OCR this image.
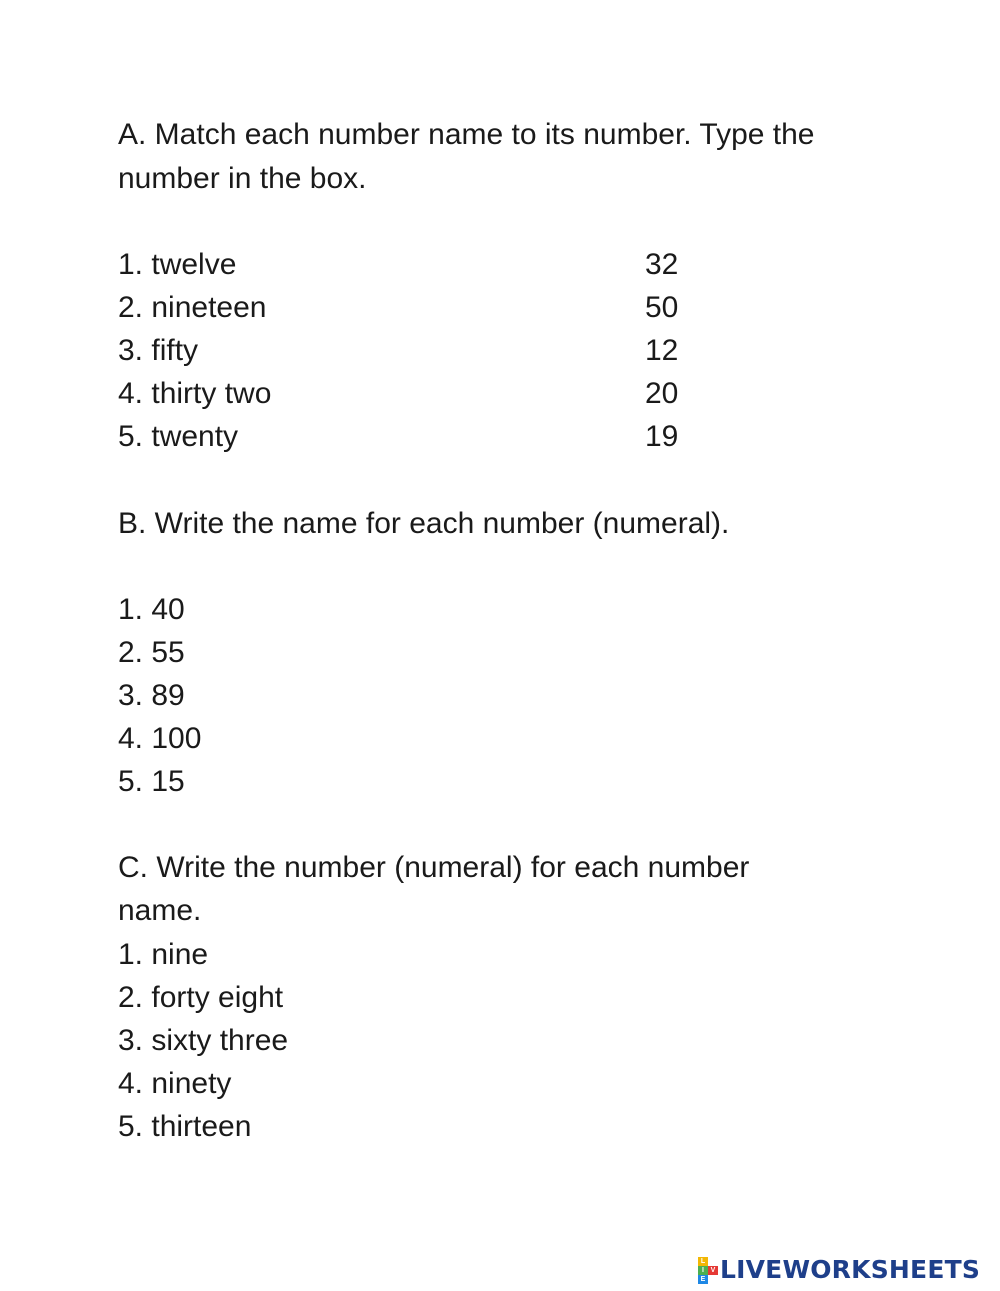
A. Match each number name to its number. Type the
number in the box.
1. twelve	32
2. nineteen	50
3. fifty	12
4. thirty two	20
5. twenty	19
B. Write the name for each number (numeral).
1. 40
2. 55
3. 89
4. 100
5. 15
C. Write the number (numeral) for each number
name.
1. nine
2. forty eight
3. sixty three
4. ninety
5. thirteen
L
I V
E LIVEWORKSHEETS
